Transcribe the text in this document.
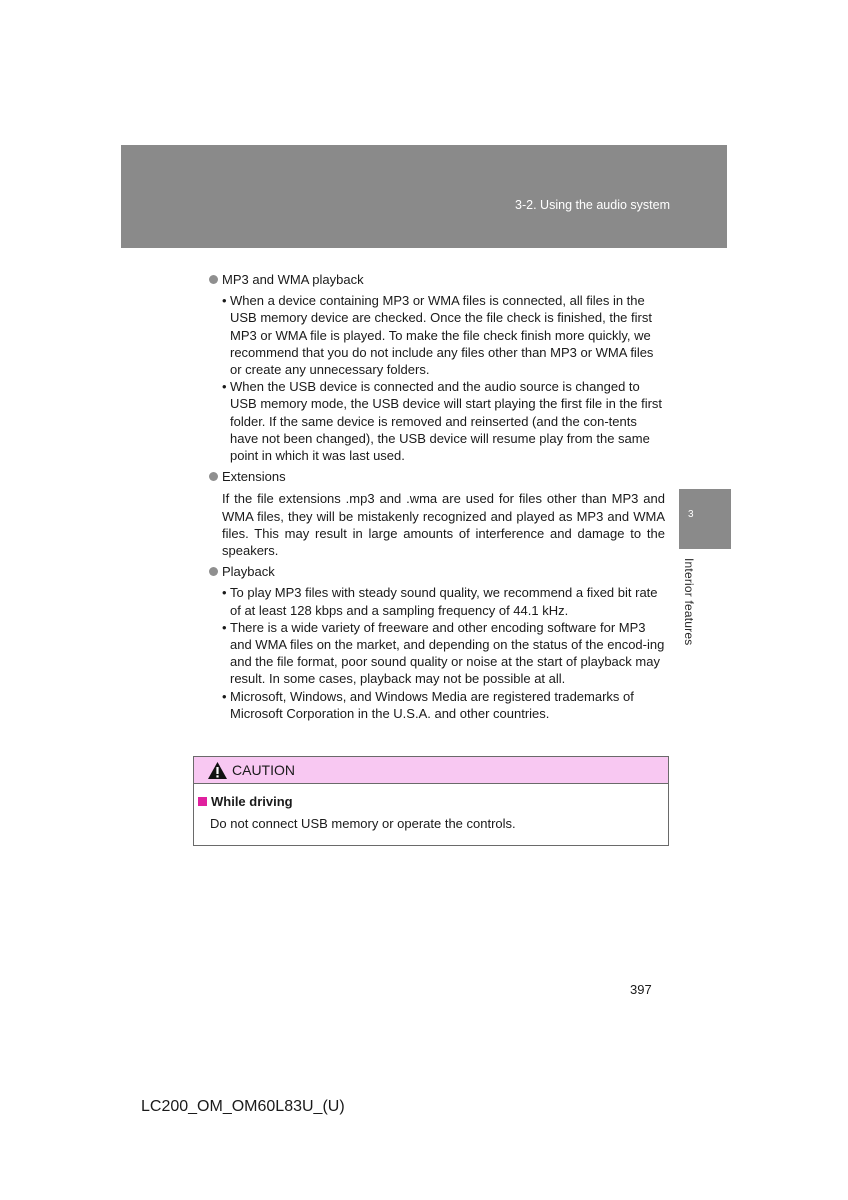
3-2. Using the audio system
3
Interior features
MP3 and WMA playback
• When a device containing MP3 or WMA files is connected, all files in the USB memory device are checked. Once the file check is finished, the first MP3 or WMA file is played. To make the file check finish more quickly, we recommend that you do not include any files other than MP3 or WMA files or create any unnecessary folders.
• When the USB device is connected and the audio source is changed to USB memory mode, the USB device will start playing the first file in the first folder. If the same device is removed and reinserted (and the con-tents have not been changed), the USB device will resume play from the same point in which it was last used.
Extensions

If the file extensions .mp3 and .wma are used for files other than MP3 and WMA files, they will be mistakenly recognized and played as MP3 and WMA files. This may result in large amounts of interference and damage to the speakers.

Playback
• To play MP3 files with steady sound quality, we recommend a fixed bit rate of at least 128 kbps and a sampling frequency of 44.1 kHz.
• There is a wide variety of freeware and other encoding software for MP3 and WMA files on the market, and depending on the status of the encod-ing and the file format, poor sound quality or noise at the start of playback may result. In some cases, playback may not be possible at all.
• Microsoft, Windows, and Windows Media are registered trademarks of Microsoft Corporation in the U.S.A. and other countries.
CAUTION
While driving
Do not connect USB memory or operate the controls.
397
LC200_OM_OM60L83U_(U)
